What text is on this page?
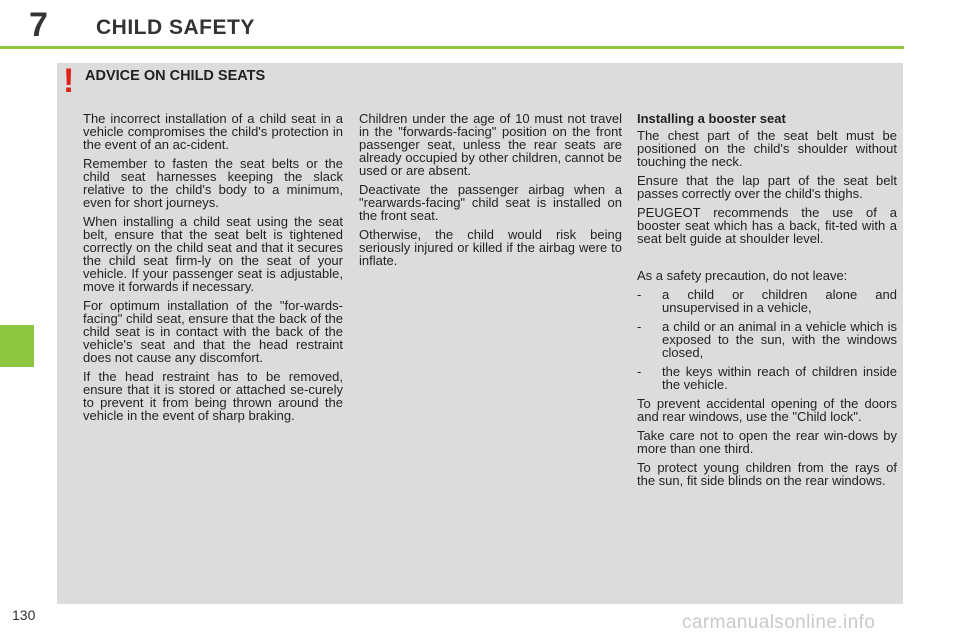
7 CHILD SAFETY
! ADVICE ON CHILD SEATS

The incorrect installation of a child seat in a vehicle compromises the child's protection in the event of an ac-cident.

Remember to fasten the seat belts or the child seat harnesses keeping the slack relative to the child's body to a minimum, even for short journeys.

When installing a child seat using the seat belt, ensure that the seat belt is tightened correctly on the child seat and that it secures the child seat firm-ly on the seat of your vehicle. If your passenger seat is adjustable, move it forwards if necessary.

For optimum installation of the "for-wards-facing" child seat, ensure that the back of the child seat is in contact with the back of the vehicle's seat and that the head restraint does not cause any discomfort.

If the head restraint has to be removed, ensure that it is stored or attached se-curely to prevent it from being thrown around the vehicle in the event of sharp braking.

Children under the age of 10 must not travel in the "forwards-facing" position on the front passenger seat, unless the rear seats are already occupied by other children, cannot be used or are absent.

Deactivate the passenger airbag when a "rearwards-facing" child seat is installed on the front seat.

Otherwise, the child would risk being seriously injured or killed if the airbag were to inflate.

Installing a booster seat

The chest part of the seat belt must be positioned on the child's shoulder without touching the neck.

Ensure that the lap part of the seat belt passes correctly over the child's thighs.

PEUGEOT recommends the use of a booster seat which has a back, fit-ted with a seat belt guide at shoulder level.

As a safety precaution, do not leave:

- a child or children alone and unsupervised in a vehicle,
- a child or an animal in a vehicle which is exposed to the sun, with the windows closed,
- the keys within reach of children inside the vehicle.

To prevent accidental opening of the doors and rear windows, use the "Child lock".

Take care not to open the rear win-dows by more than one third.

To protect young children from the rays of the sun, fit side blinds on the rear windows.

130	carmanualsonline.info
